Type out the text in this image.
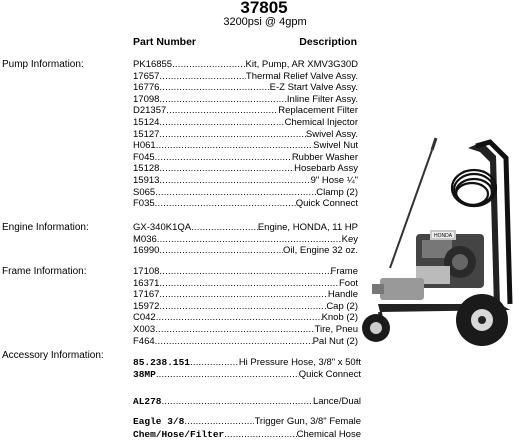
37805
3200psi @ 4gpm
Part Number	Description
Pump Information:
Engine Information:
Frame Information:
Accessory Information:
PK16855 .....	Kit, Pump, AR XMV3G30D
17657 .....	Thermal Relief Valve Assy.
16776 .....	E-Z Start Valve Assy.
17098 .....	Inline Filter Assy.
D21357 .....	Replacement Filter
15124 .....	Chemical Injector
15127 .....	Swivel Assy.
H061 .....	Swivel Nut
F045 .....	Rubber Washer
15128 .....	Hosebarb Assy
15913 .....	9" Hose ¼"
S065 .....	Clamp (2)
F035 .....	Quick Connect
GX-340K1QA .....	Engine, HONDA, 11 HP
M036 .....	Key
16990 .....	Oil, Engine 32 oz.
17108 .....	Frame
16371 .....	Foot
17167 .....	Handle
15972 .....	Cap (2)
C042 .....	Knob (2)
X003 .....	Tire, Pneu
F464 .....	Pal Nut (2)
85.238.151 .....	Hi Pressure Hose, 3/8" x 50ft
38MP .....	Quick Connect
AL278 .....	Lance/Dual
Eagle 3/8 .....	Trigger Gun, 3/8" Female
Chem/Hose/Filter .....	Chemical Hose
HONDA
